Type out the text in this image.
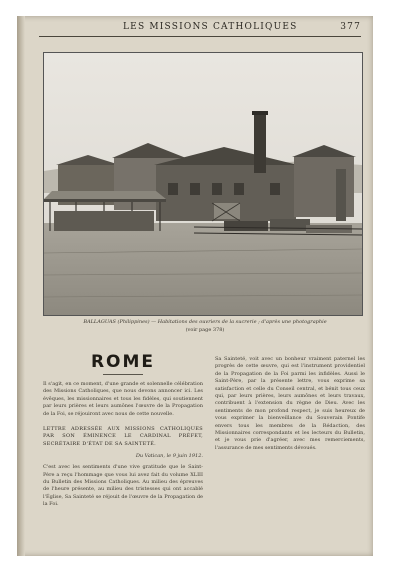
LES MISSIONS CATHOLIQUES	377
BALLAGUAS (Philippines) — Habitations des ouvriers de la sucrerie ; d'après une photographie
(voir page 378)
ROME

Il s'agit, en ce moment, d'une grande et solennelle célébration des Missions Catholiques, que nous devons annoncer ici. Les évêques, les missionnaires et tous les fidèles, qui soutiennent par leurs prières et leurs aumônes l'œuvre de la Propagation de la Foi, se réjouiront avec nous de cette nouvelle.

LETTRE ADRESSÉE AUX MISSIONS CATHOLIQUES PAR SON ÉMINENCE LE CARDINAL PRÉFET, SECRÉTAIRE D'ÉTAT DE SA SAINTETÉ.

Du Vatican, le 9 juin 1912.

C'est avec les sentiments d'une vive gratitude que le Saint-Père a reçu l'hommage que vous lui avez fait du volume XLIII du Bulletin des Missions Catholiques. Au milieu des épreuves de l'heure présente, au milieu des tristesses qui ont accablé l'Église, Sa Sainteté se réjouit de l'œuvre de la Propagation de la Foi.

Sa Sainteté, voit avec un bonheur vraiment paternel les progrès de cette œuvre, qui est l'instrument providentiel de la Propagation de la Foi parmi les infidèles. Aussi le Saint-Père, par la présente lettre, vous exprime sa satisfaction et celle du Conseil central, et bénit tous ceux qui, par leurs prières, leurs aumônes et leurs travaux, contribuent à l'extension du règne de Dieu. Avec les sentiments de mon profond respect, je suis heureux de vous exprimer la bienveillance du Souverain Pontife envers tous les membres de la Rédaction, des Missionnaires correspondants et les lecteurs du Bulletin, et je vous prie d'agréer, avec mes remerciements, l'assurance de mes sentiments dévoués.
